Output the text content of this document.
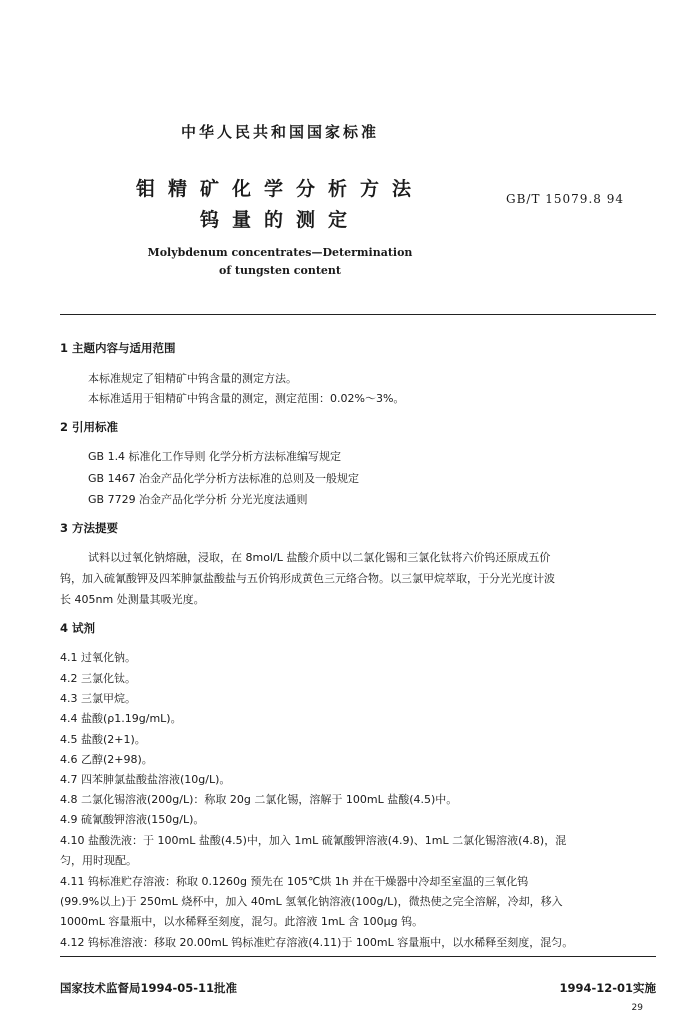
中华人民共和国国家标准
钼精矿化学分析方法
钨量的测定
GB/T 15079.8 94
Molybdenum concentrates—Determination
of tungsten content
1 主题内容与适用范围
本标准规定了钼精矿中钨含量的测定方法。
本标准适用于钼精矿中钨含量的测定，测定范围：0.02%～3%。
2 引用标准
GB 1.4 标准化工作导则 化学分析方法标准编写规定
GB 1467 冶金产品化学分析方法标准的总则及一般规定
GB 7729 冶金产品化学分析 分光光度法通则
3 方法提要
试料以过氧化钠熔融，浸取，在 8mol/L 盐酸介质中以二氯化锡和三氯化钛将六价钨还原成五价
钨，加入硫氰酸钾及四苯胂氯盐酸盐与五价钨形成黄色三元络合物。以三氯甲烷萃取，于分光光度计波
长 405nm 处测量其吸光度。
4 试剂
4.1 过氧化钠。
4.2 三氯化钛。
4.3 三氯甲烷。
4.4 盐酸(ρ1.19g/mL)。
4.5 盐酸(2+1)。
4.6 乙醇(2+98)。
4.7 四苯胂氯盐酸盐溶液(10g/L)。
4.8 二氯化锡溶液(200g/L)：称取 20g 二氯化锡，溶解于 100mL 盐酸(4.5)中。
4.9 硫氰酸钾溶液(150g/L)。
4.10 盐酸洗液：于 100mL 盐酸(4.5)中，加入 1mL 硫氰酸钾溶液(4.9)、1mL 二氯化锡溶液(4.8)，混
匀，用时现配。
4.11 钨标准贮存溶液：称取 0.1260g 预先在 105℃烘 1h 并在干燥器中冷却至室温的三氧化钨
(99.9%以上)于 250mL 烧杯中，加入 40mL 氢氧化钠溶液(100g/L)，微热使之完全溶解，冷却，移入
1000mL 容量瓶中，以水稀释至刻度，混匀。此溶液 1mL 含 100μg 钨。
4.12 钨标准溶液：移取 20.00mL 钨标准贮存溶液(4.11)于 100mL 容量瓶中，以水稀释至刻度，混匀。
国家技术监督局1994-05-11批准	1994-12-01实施
29
